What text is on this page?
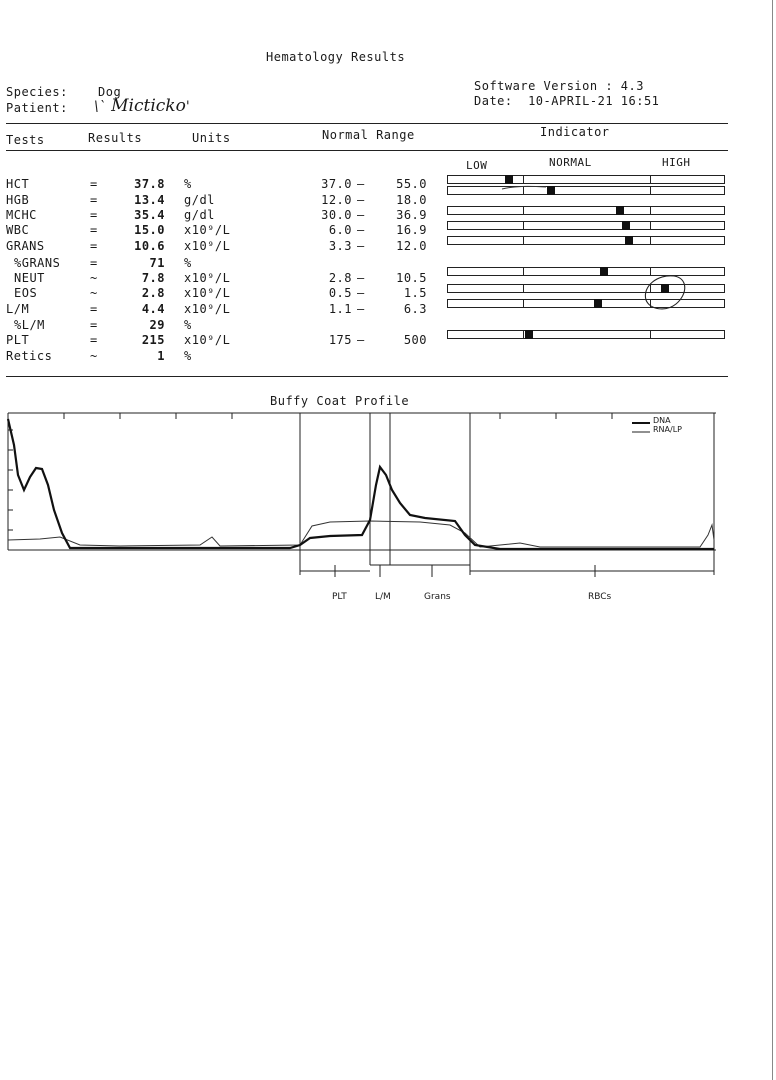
Hematology Results
Species:	Dog
Patient: \` Micticko'
Software Version : 4.3
Date: 10-APRIL-21 16:51
Tests	Results	Units	Normal Range	Indicator
LOW	NORMAL	HIGH
HCT	=	37.8 %	37.0 –	55.0
HGB	=	13.4 g/dl	12.0 –	18.0
MCHC	=	35.4 g/dl	30.0 –	36.9
WBC	=	15.0 x10⁹/L	6.0 –	16.9
GRANS	=	10.6 x10⁹/L	3.3 –	12.0
%GRANS =	71 %
NEUT	~	7.8 x10⁹/L	2.8 –	10.5
EOS	~	2.8 x10⁹/L	0.5 –	1.5
L/M	=	4.4 x10⁹/L	1.1 –	6.3
%L/M	=	29 %
PLT	=	215 x10⁹/L	175 –	500
Retics	~	1 %
Buffy Coat Profile
DNA
RNA/LP
PLT	L/M	Grans	RBCs
